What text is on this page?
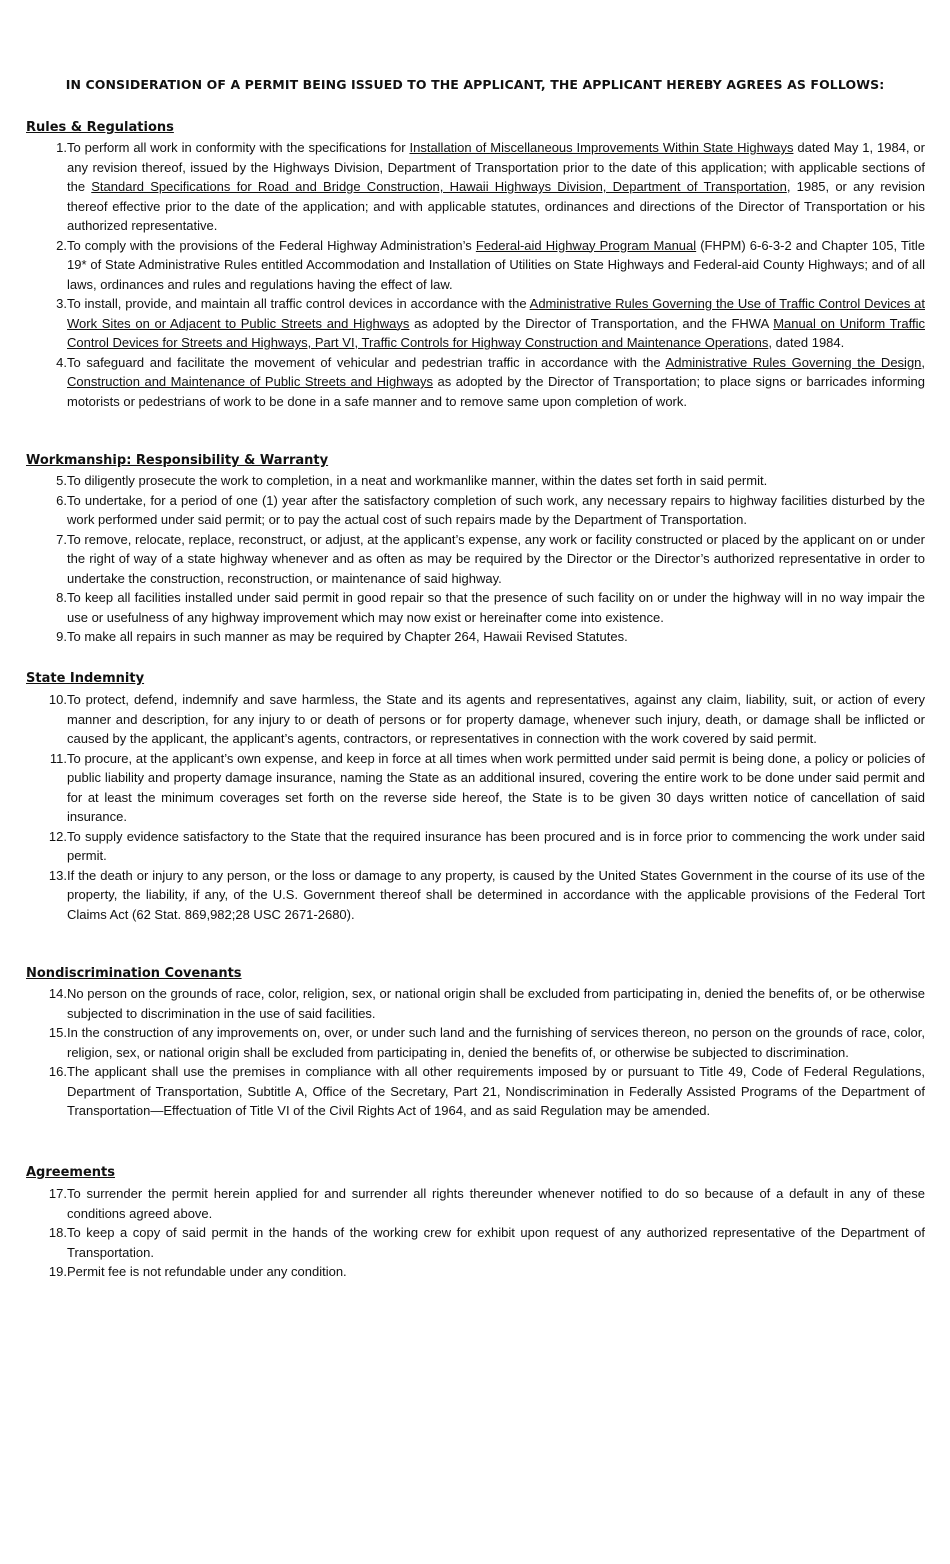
IN CONSIDERATION OF A PERMIT BEING ISSUED TO THE APPLICANT, THE APPLICANT HEREBY AGREES AS FOLLOWS:
Rules & Regulations
1. To perform all work in conformity with the specifications for Installation of Miscellaneous Improvements Within State Highways dated May 1, 1984, or any revision thereof, issued by the Highways Division, Department of Transportation prior to the date of this application; with applicable sections of the Standard Specifications for Road and Bridge Construction, Hawaii Highways Division, Department of Transportation, 1985, or any revision thereof effective prior to the date of the application; and with applicable statutes, ordinances and directions of the Director of Transportation or his authorized representative.
2. To comply with the provisions of the Federal Highway Administration’s Federal-aid Highway Program Manual (FHPM) 6-6-3-2 and Chapter 105, Title 19* of State Administrative Rules entitled Accommodation and Installation of Utilities on State Highways and Federal-aid County Highways; and of all laws, ordinances and rules and regulations having the effect of law.
3. To install, provide, and maintain all traffic control devices in accordance with the Administrative Rules Governing the Use of Traffic Control Devices at Work Sites on or Adjacent to Public Streets and Highways as adopted by the Director of Transportation, and the FHWA Manual on Uniform Traffic Control Devices for Streets and Highways, Part VI, Traffic Controls for Highway Construction and Maintenance Operations, dated 1984.
4. To safeguard and facilitate the movement of vehicular and pedestrian traffic in accordance with the Administrative Rules Governing the Design, Construction and Maintenance of Public Streets and Highways as adopted by the Director of Transportation; to place signs or barricades informing motorists or pedestrians of work to be done in a safe manner and to remove same upon completion of work.
Workmanship: Responsibility & Warranty
5. To diligently prosecute the work to completion, in a neat and workmanlike manner, within the dates set forth in said permit.
6. To undertake, for a period of one (1) year after the satisfactory completion of such work, any necessary repairs to highway facilities disturbed by the work performed under said permit; or to pay the actual cost of such repairs made by the Department of Transportation.
7. To remove, relocate, replace, reconstruct, or adjust, at the applicant’s expense, any work or facility constructed or placed by the applicant on or under the right of way of a state highway whenever and as often as may be required by the Director or the Director’s authorized representative in order to undertake the construction, reconstruction, or maintenance of said highway.
8. To keep all facilities installed under said permit in good repair so that the presence of such facility on or under the highway will in no way impair the use or usefulness of any highway improvement which may now exist or hereinafter come into existence.
9. To make all repairs in such manner as may be required by Chapter 264, Hawaii Revised Statutes.
State Indemnity
10. To protect, defend, indemnify and save harmless, the State and its agents and representatives, against any claim, liability, suit, or action of every manner and description, for any injury to or death of persons or for property damage, whenever such injury, death, or damage shall be inflicted or caused by the applicant, the applicant’s agents, contractors, or representatives in connection with the work covered by said permit.
11. To procure, at the applicant’s own expense, and keep in force at all times when work permitted under said permit is being done, a policy or policies of public liability and property damage insurance, naming the State as an additional insured, covering the entire work to be done under said permit and for at least the minimum coverages set forth on the reverse side hereof, the State is to be given 30 days written notice of cancellation of said insurance.
12. To supply evidence satisfactory to the State that the required insurance has been procured and is in force prior to commencing the work under said permit.
13. If the death or injury to any person, or the loss or damage to any property, is caused by the United States Government in the course of its use of the property, the liability, if any, of the U.S. Government thereof shall be determined in accordance with the applicable provisions of the Federal Tort Claims Act (62 Stat. 869,982;28 USC 2671-2680).
Nondiscrimination Covenants
14. No person on the grounds of race, color, religion, sex, or national origin shall be excluded from participating in, denied the benefits of, or be otherwise subjected to discrimination in the use of said facilities.
15. In the construction of any improvements on, over, or under such land and the furnishing of services thereon, no person on the grounds of race, color, religion, sex, or national origin shall be excluded from participating in, denied the benefits of, or otherwise be subjected to discrimination.
16. The applicant shall use the premises in compliance with all other requirements imposed by or pursuant to Title 49, Code of Federal Regulations, Department of Transportation, Subtitle A, Office of the Secretary, Part 21, Nondiscrimination in Federally Assisted Programs of the Department of Transportation—Effectuation of Title VI of the Civil Rights Act of 1964, and as said Regulation may be amended.
Agreements
17. To surrender the permit herein applied for and surrender all rights thereunder whenever notified to do so because of a default in any of these conditions agreed above.
18. To keep a copy of said permit in the hands of the working crew for exhibit upon request of any authorized representative of the Department of Transportation.
19. Permit fee is not refundable under any condition.
